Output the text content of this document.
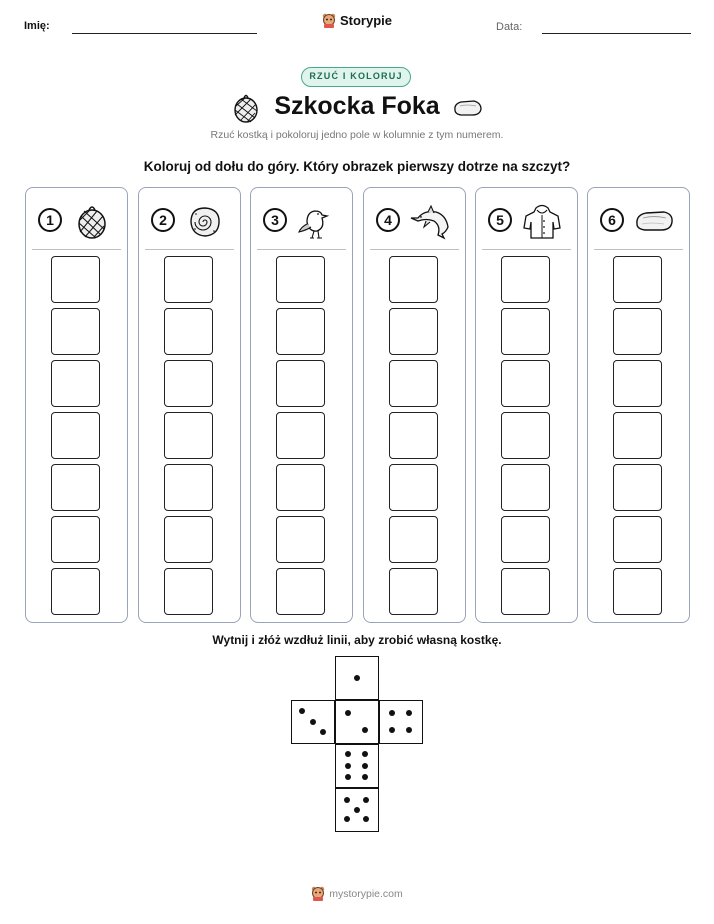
Imię:	Storypie	Data:
RZUĆ I KOLORUJ
Szkocka Foka
Rzuć kostką i pokoloruj jedno pole w kolumnie z tym numerem.
Koloruj od dołu do góry. Który obrazek pierwszy dotrze na szczyt?
1	2	3	4	5	6
Wytnij i złóż wzdłuż linii, aby zrobić własną kostkę.
mystorypie.com
